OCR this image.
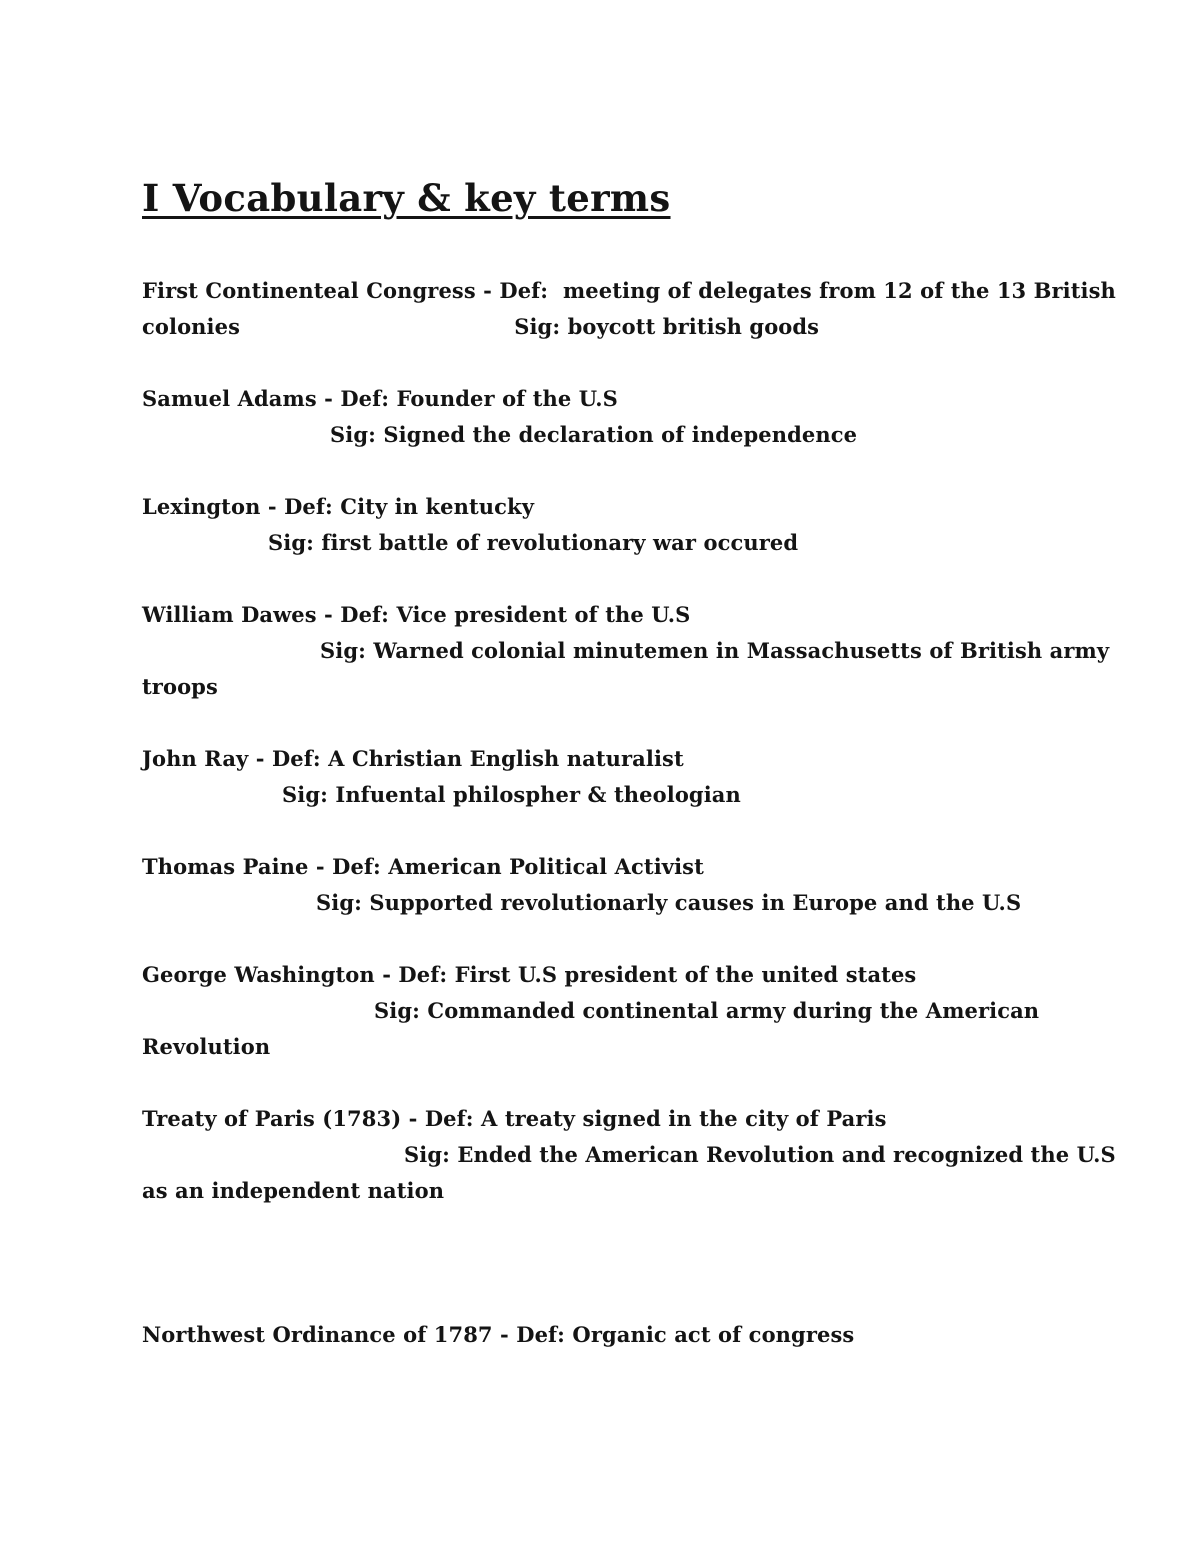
I Vocabulary & key terms

First Continenteal Congress - Def:  meeting of delegates from 12 of the 13 British

colonies                                     Sig: boycott british goods

Samuel Adams - Def: Founder of the U.S

Sig: Signed the declaration of independence

Lexington - Def: City in kentucky

Sig: first battle of revolutionary war occured

William Dawes - Def: Vice president of the U.S

Sig: Warned colonial minutemen in Massachusetts of British army

troops

John Ray - Def: A Christian English naturalist

Sig: Infuental philospher & theologian

Thomas Paine - Def: American Political Activist

Sig: Supported revolutionarly causes in Europe and the U.S

George Washington - Def: First U.S president of the united states

Sig: Commanded continental army during the American

Revolution

Treaty of Paris (1783) - Def: A treaty signed in the city of Paris

Sig: Ended the American Revolution and recognized the U.S

as an independent nation

Northwest Ordinance of 1787 - Def: Organic act of congress
